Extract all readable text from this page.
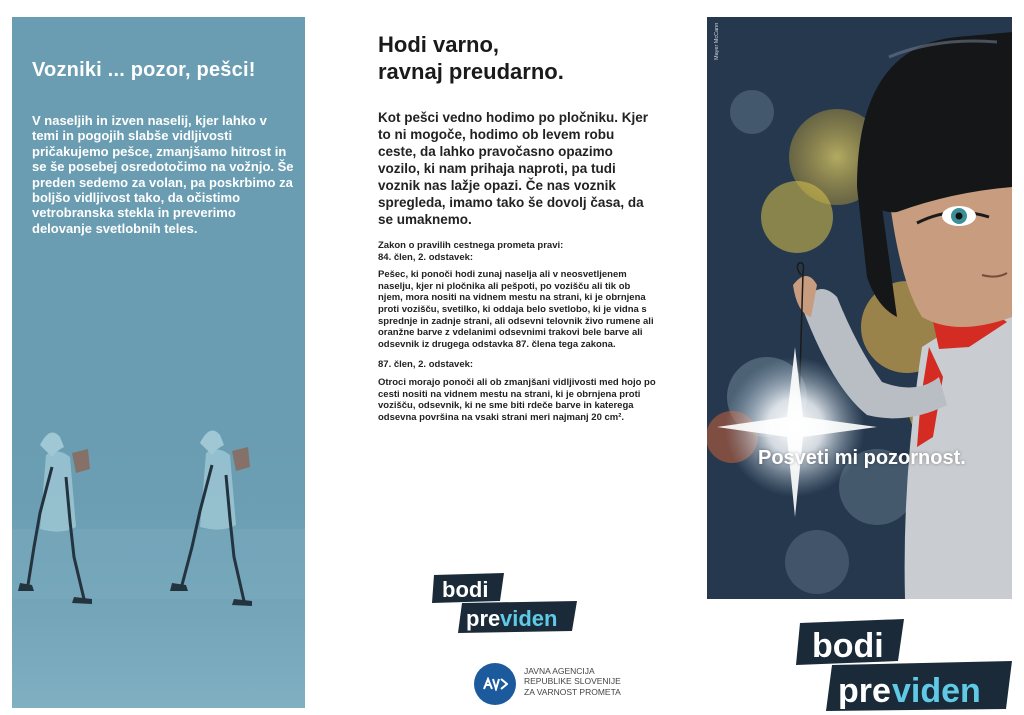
Vozniki ... pozor, pešci!

V naseljih in izven naselij, kjer lahko v temi in pogojih slabše vidljivosti pričakujemo pešce, zmanjšamo hitrost in se še posebej osredotočimo na vožnjo. Še preden sedemo za volan, pa poskrbimo za boljšo vidljivost tako, da očistimo vetrobranska stekla in preverimo delovanje svetlobnih teles.

Hodi varno,
ravnaj preudarno.

Kot pešci vedno hodimo po pločniku. Kjer to ni mogoče, hodimo ob levem robu ceste, da lahko pravočasno opazimo vozilo, ki nam prihaja naproti, pa tudi voznik nas lažje opazi. Če nas voznik spregleda, imamo tako še dovolj časa, da se umaknemo.

Zakon o pravilih cestnega prometa pravi:

84. člen, 2. odstavek:

Pešec, ki ponoči hodi zunaj naselja ali v neosvetljenem naselju, kjer ni pločnika ali pešpoti, po vozišču ali tik ob njem, mora nositi na vidnem mestu na strani, ki je obrnjena proti vozišču, svetilko, ki oddaja belo svetlobo, ki je vidna s sprednje in zadnje strani, ali odsevni telovnik živo rumene ali oranžne barve z vdelanimi odsevnimi trakovi bele barve ali odsevnik iz drugega odstavka 87. člena tega zakona.

87. člen, 2. odstavek:

Otroci morajo ponoči ali ob zmanjšani vidljivosti med hojo po cesti nositi na vidnem mestu na strani, ki je obrnjena proti vozišču, odsevnik, ki ne sme biti rdeče barve in katerega odsevna površina na vsaki strani meri najmanj 20 cm².

bodi
pre viden
JAVNA AGENCIJA
REPUBLIKE SLOVENIJE
ZA VARNOST PROMETA
Mayer McCann
Posveti mi pozornost.
bodi
pre viden
